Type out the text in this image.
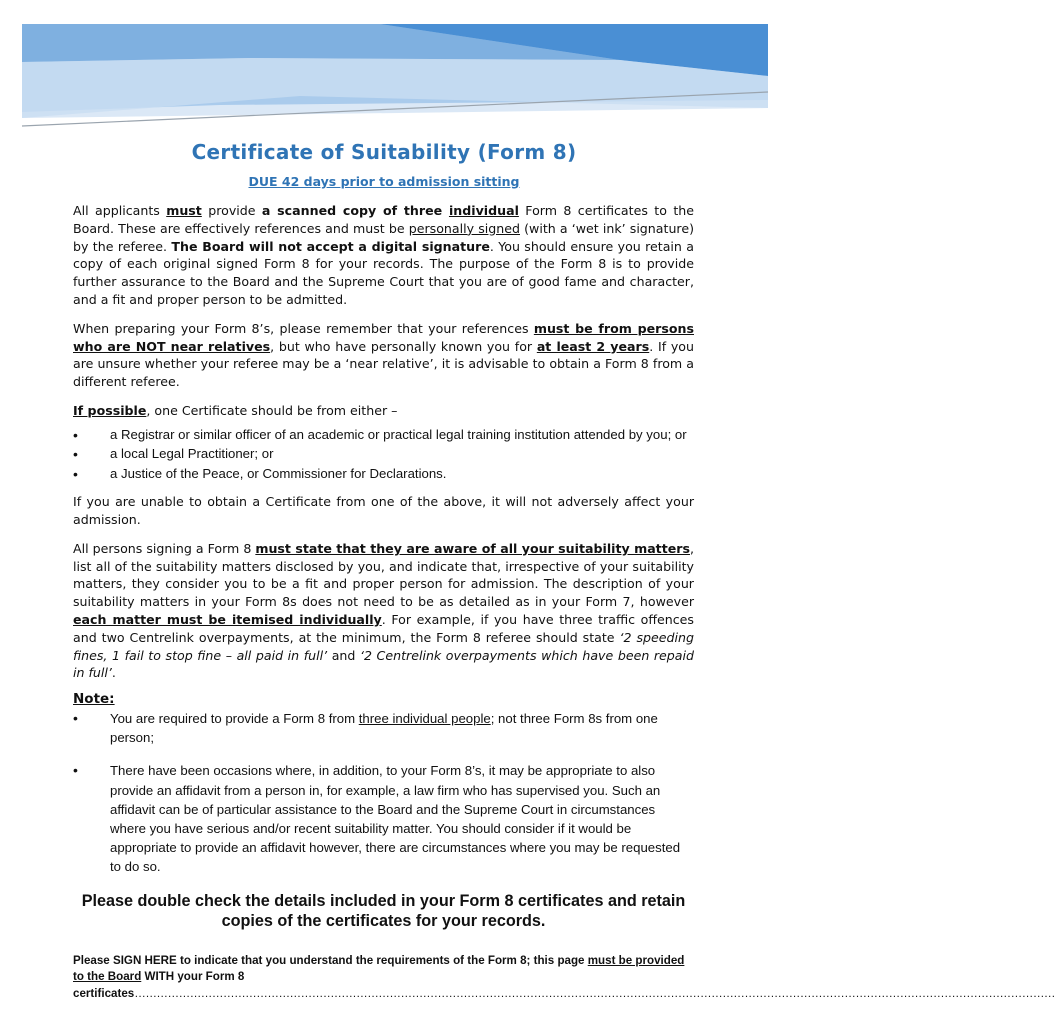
Certificate of Suitability (Form 8)
DUE 42 days prior to admission sitting

All applicants must provide a scanned copy of three individual Form 8 certificates to the Board. These are effectively references and must be personally signed (with a ‘wet ink’ signature) by the referee. The Board will not accept a digital signature. You should ensure you retain a copy of each original signed Form 8 for your records. The purpose of the Form 8 is to provide further assurance to the Board and the Supreme Court that you are of good fame and character, and a fit and proper person to be admitted.

When preparing your Form 8’s, please remember that your references must be from persons who are NOT near relatives, but who have personally known you for at least 2 years. If you are unsure whether your referee may be a ‘near relative’, it is advisable to obtain a Form 8 from a different referee.

If possible, one Certificate should be from either –

• a Registrar or similar officer of an academic or practical legal training institution attended by you; or
• a local Legal Practitioner; or
• a Justice of the Peace, or Commissioner for Declarations.

If you are unable to obtain a Certificate from one of the above, it will not adversely affect your admission.

All persons signing a Form 8 must state that they are aware of all your suitability matters, list all of the suitability matters disclosed by you, and indicate that, irrespective of your suitability matters, they consider you to be a fit and proper person for admission. The description of your suitability matters in your Form 8s does not need to be as detailed as in your Form 7, however each matter must be itemised individually. For example, if you have three traffic offences and two Centrelink overpayments, at the minimum, the Form 8 referee should state ‘2 speeding fines, 1 fail to stop fine – all paid in full’ and ‘2 Centrelink overpayments which have been repaid in full’.

Note:
• You are required to provide a Form 8 from three individual people; not three Form 8s from one person;
• There have been occasions where, in addition, to your Form 8’s, it may be appropriate to also provide an affidavit from a person in, for example, a law firm who has supervised you. Such an affidavit can be of particular assistance to the Board and the Supreme Court in circumstances where you have serious and/or recent suitability matter. You should consider if it would be appropriate to provide an affidavit however, there are circumstances where you may be requested to do so.
Please double check the details included in your Form 8 certificates and retain copies of the certificates for your records.
Please SIGN HERE to indicate that you understand the requirements of the Form 8; this page must be provided to the Board WITH your Form 8 certificates……………………………………………………………………………………………………………………………………………………………………………………………………………………………
